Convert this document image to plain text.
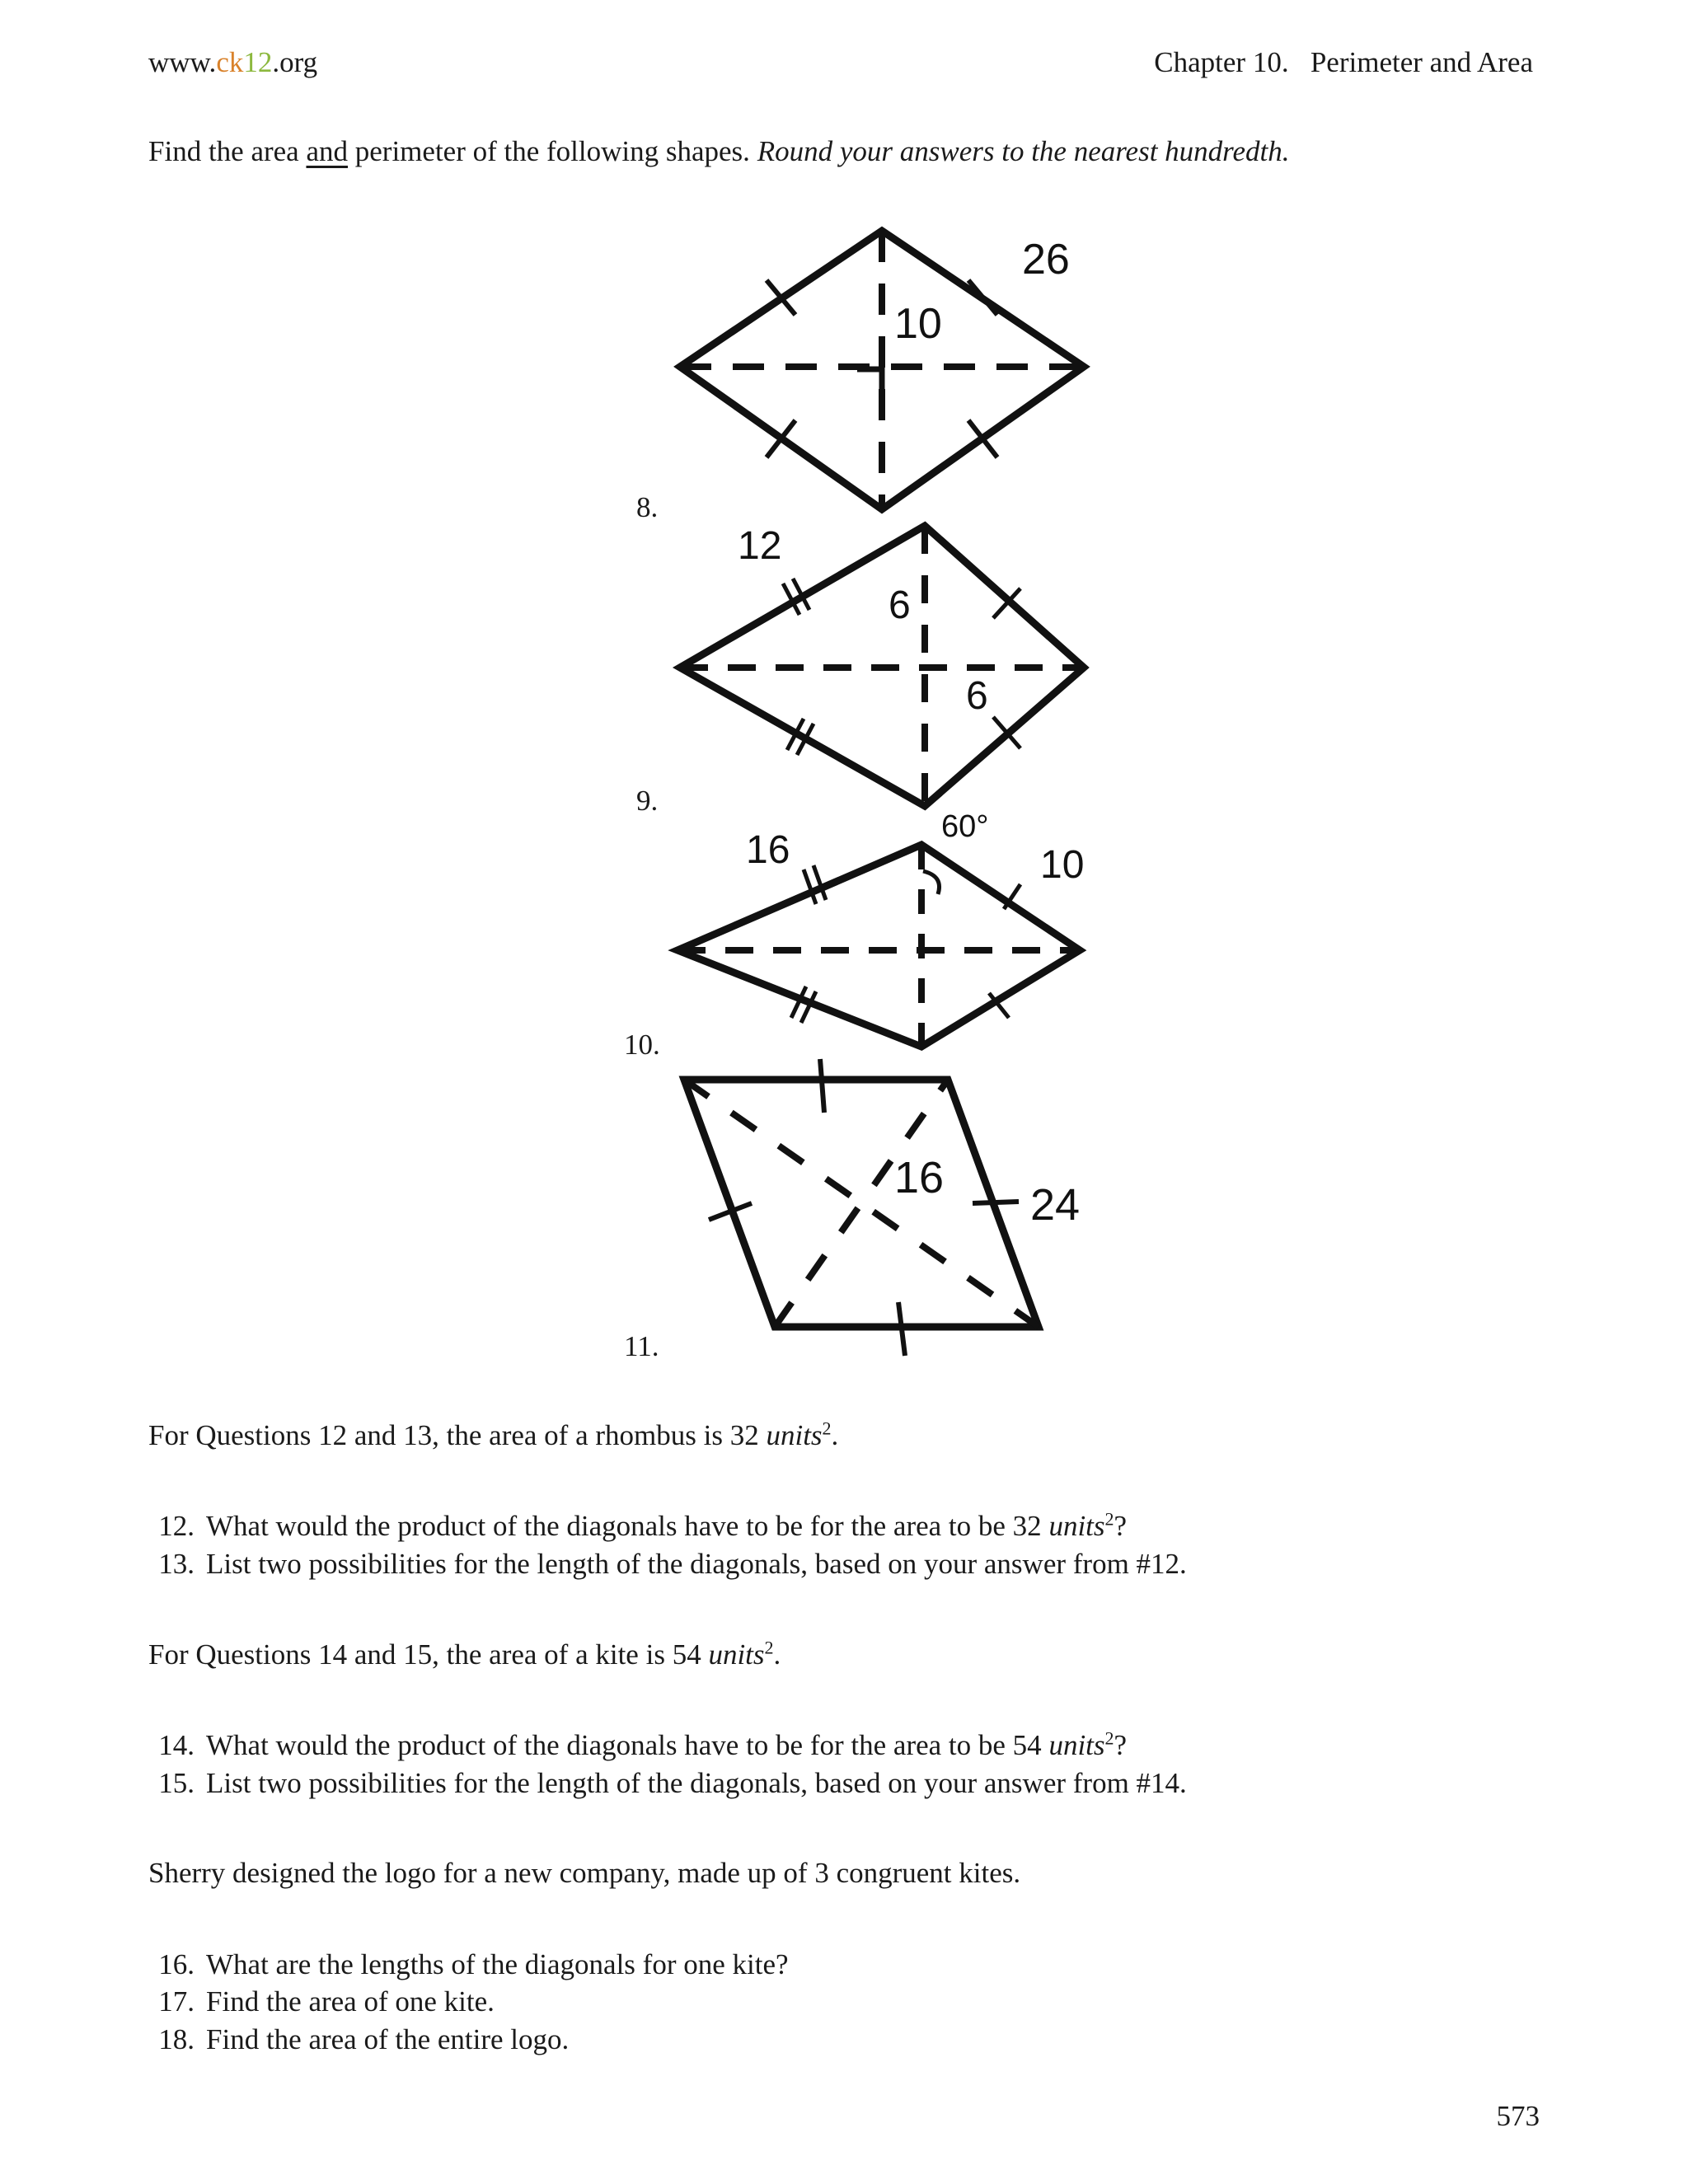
www.ck12.org	Chapter 10.   Perimeter and Area
Find the area and perimeter of the following shapes. Round your answers to the nearest hundredth.
8.
26
10
9.
12
6
6
10.
16
60°
10
11.
16
24
For Questions 12 and 13, the area of a rhombus is 32 units$^2$.
12. What would the product of the diagonals have to be for the area to be 32 units$^2$?
13. List two possibilities for the length of the diagonals, based on your answer from #12.
For Questions 14 and 15, the area of a kite is 54 units$^2$.
14. What would the product of the diagonals have to be for the area to be 54 units$^2$?
15. List two possibilities for the length of the diagonals, based on your answer from #14.
Sherry designed the logo for a new company, made up of 3 congruent kites.
16. What are the lengths of the diagonals for one kite?
17. Find the area of one kite.
18. Find the area of the entire logo.
573
